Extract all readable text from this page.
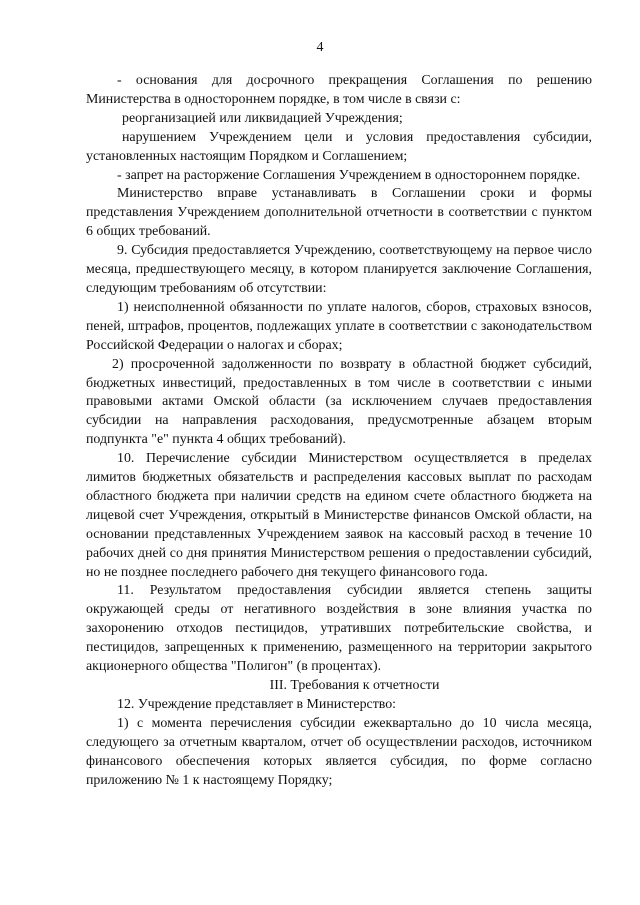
4

- основания для досрочного прекращения Соглашения по решению Министерства в одностороннем порядке, в том числе в связи с:

реорганизацией или ликвидацией Учреждения;

нарушением Учреждением цели и условия предоставления субсидии, установленных настоящим Порядком и Соглашением;

- запрет на расторжение Соглашения Учреждением в одностороннем порядке.

Министерство вправе устанавливать в Соглашении сроки и формы представления Учреждением дополнительной отчетности в соответствии с пунктом 6 общих требований.

9. Субсидия предоставляется Учреждению, соответствующему на первое число месяца, предшествующего месяцу, в котором планируется заключение Соглашения, следующим требованиям об отсутствии:

1) неисполненной обязанности по уплате налогов, сборов, страховых взносов, пеней, штрафов, процентов, подлежащих уплате в соответствии с законодательством Российской Федерации о налогах и сборах;

2) просроченной задолженности по возврату в областной бюджет субсидий, бюджетных инвестиций, предоставленных в том числе в соответствии с иными правовыми актами Омской области (за исключением случаев предоставления субсидии на направления расходования, предусмотренные абзацем вторым подпункта "е" пункта 4 общих требований).

10. Перечисление субсидии Министерством осуществляется в пределах лимитов бюджетных обязательств и распределения кассовых выплат по расходам областного бюджета при наличии средств на едином счете областного бюджета на лицевой счет Учреждения, открытый в Министерстве финансов Омской области, на основании представленных Учреждением заявок на кассовый расход в течение 10 рабочих дней со дня принятия Министерством решения о предоставлении субсидий, но не позднее последнего рабочего дня текущего финансового года.

11. Результатом предоставления субсидии является степень защиты окружающей среды от негативного воздействия в зоне влияния участка по захоронению отходов пестицидов, утративших потребительские свойства, и пестицидов, запрещенных к применению, размещенного на территории закрытого акционерного общества "Полигон" (в процентах).

III. Требования к отчетности

12. Учреждение представляет в Министерство:

1) с момента перечисления субсидии ежеквартально до 10 числа месяца, следующего за отчетным кварталом, отчет об осуществлении расходов, источником финансового обеспечения которых является субсидия, по форме согласно приложению № 1 к настоящему Порядку;
